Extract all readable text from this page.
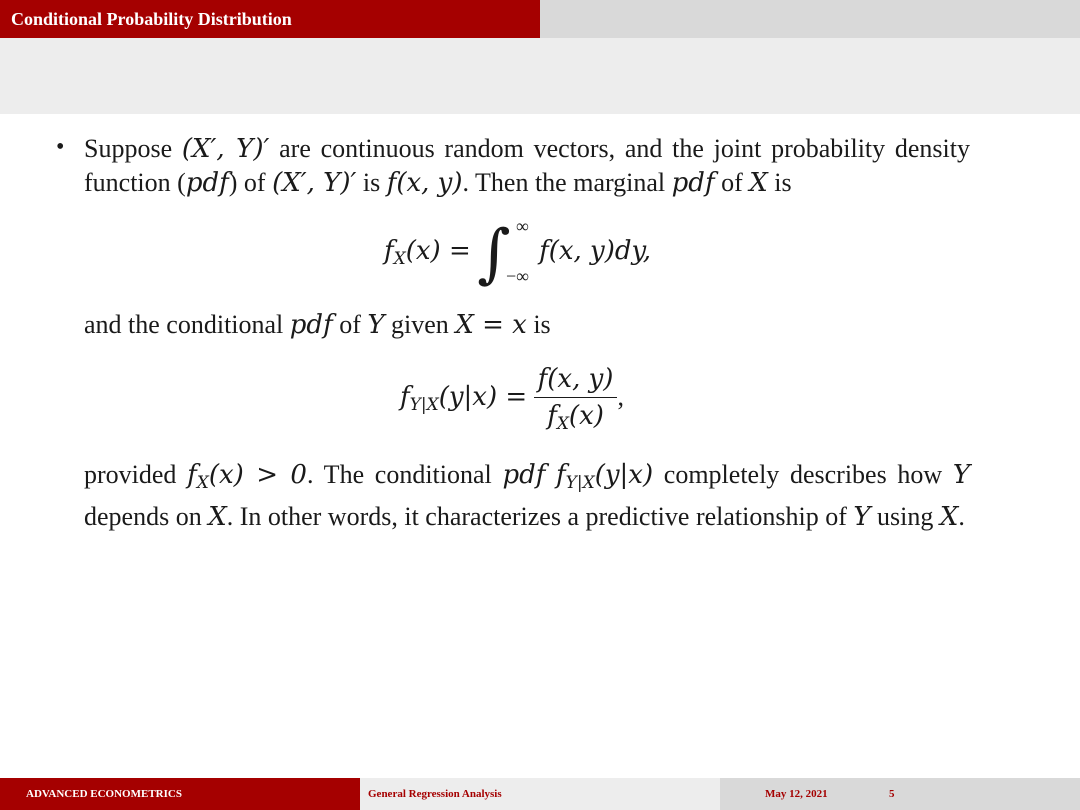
Conditional Probability Distribution
• Suppose (X′, Y)′ are continuous random vectors, and the joint probability density function (pdf) of (X′, Y)′ is f(x, y). Then the marginal pdf of X is
$f_X(x)$ = ∫ ∞
−∞
f(x, y)dy,
and the conditional pdf of Y given X = x is
$f_{Y|X}(y|x) = \frac{f(x, y)}{f_X(x)}$ ,
provided $f_X(x) > 0$. The conditional pdf $f_{Y|X}(y|x)$ completely describes how Y depends on X. In other words, it characterizes a predictive relationship of Y using X.
ADVANCED ECONOMETRICS	General Regression Analysis	May 12, 2021	5
